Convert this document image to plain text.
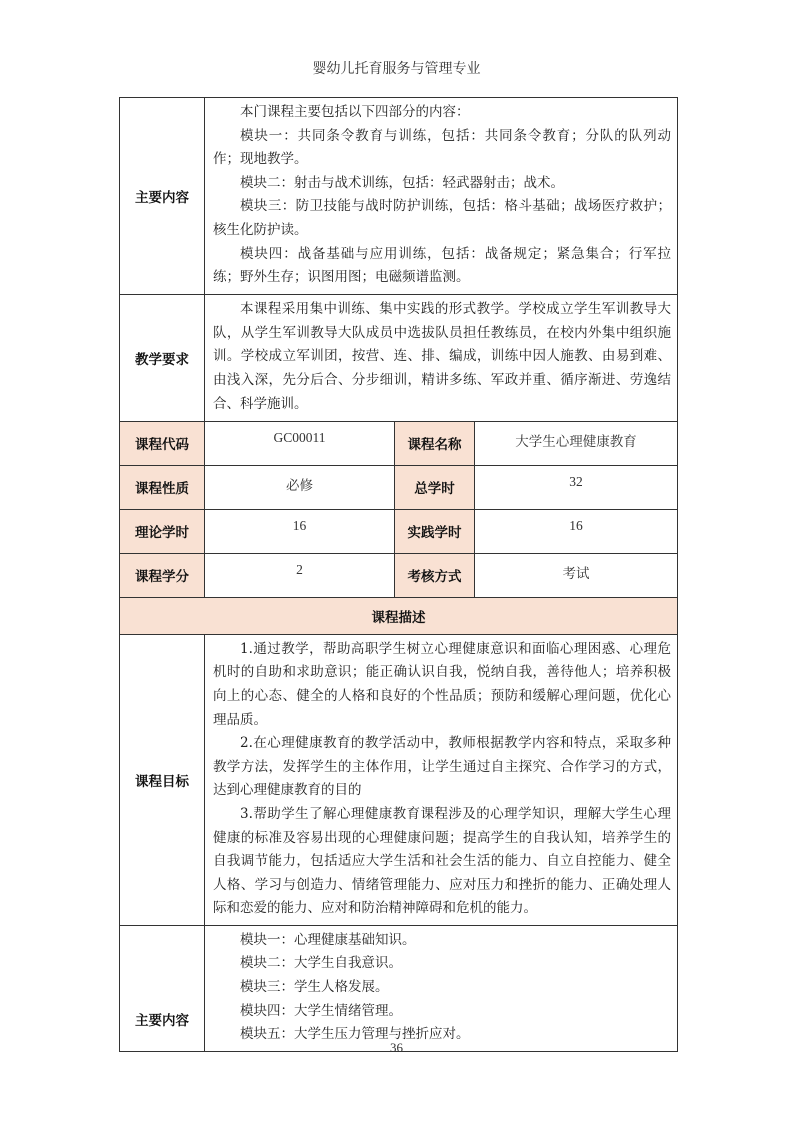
婴幼儿托育服务与管理专业
主要内容	本门课程主要包括以下四部分的内容：

模块一：共同条令教育与训练，包括：共同条令教育；分队的队列动作；现地教学。

模块二：射击与战术训练，包括：轻武器射击；战术。

模块三：防卫技能与战时防护训练，包括：格斗基础；战场医疗救护；核生化防护读。

模块四：战备基础与应用训练，包括：战备规定；紧急集合；行军拉练；野外生存；识图用图；电磁频谱监测。		

教学要求	本课程采用集中训练、集中实践的形式教学。学校成立学生军训教导大队，从学生军训教导大队成员中选拔队员担任教练员，在校内外集中组织施训。学校成立军训团，按营、连、排、编成，训练中因人施教、由易到难、由浅入深，先分后合、分步细训，精讲多练、军政并重、循序渐进、劳逸结合、科学施训。		

课程代码	GC00011	课程名称	大学生心理健康教育
课程性质	必修	总学时	32
理论学时	16	实践学时	16
课程学分	2	考核方式	考试
课程描述			
课程目标	1.通过教学，帮助高职学生树立心理健康意识和面临心理困惑、心理危机时的自助和求助意识；能正确认识自我，悦纳自我，善待他人；培养积极向上的心态、健全的人格和良好的个性品质；预防和缓解心理问题，优化心理品质。

2.在心理健康教育的教学活动中，教师根据教学内容和特点，采取多种教学方法，发挥学生的主体作用，让学生通过自主探究、合作学习的方式，达到心理健康教育的目的

3.帮助学生了解心理健康教育课程涉及的心理学知识，理解大学生心理健康的标准及容易出现的心理健康问题；提高学生的自我认知，培养学生的自我调节能力，包括适应大学生活和社会生活的能力、自立自控能力、健全人格、学习与创造力、情绪管理能力、应对压力和挫折的能力、正确处理人际和恋爱的能力、应对和防治精神障碍和危机的能力。		

主要内容	模块一：心理健康基础知识。

模块二：大学生自我意识。

模块三：学生人格发展。

模块四：大学生情绪管理。

模块五：大学生压力管理与挫折应对。		

36
